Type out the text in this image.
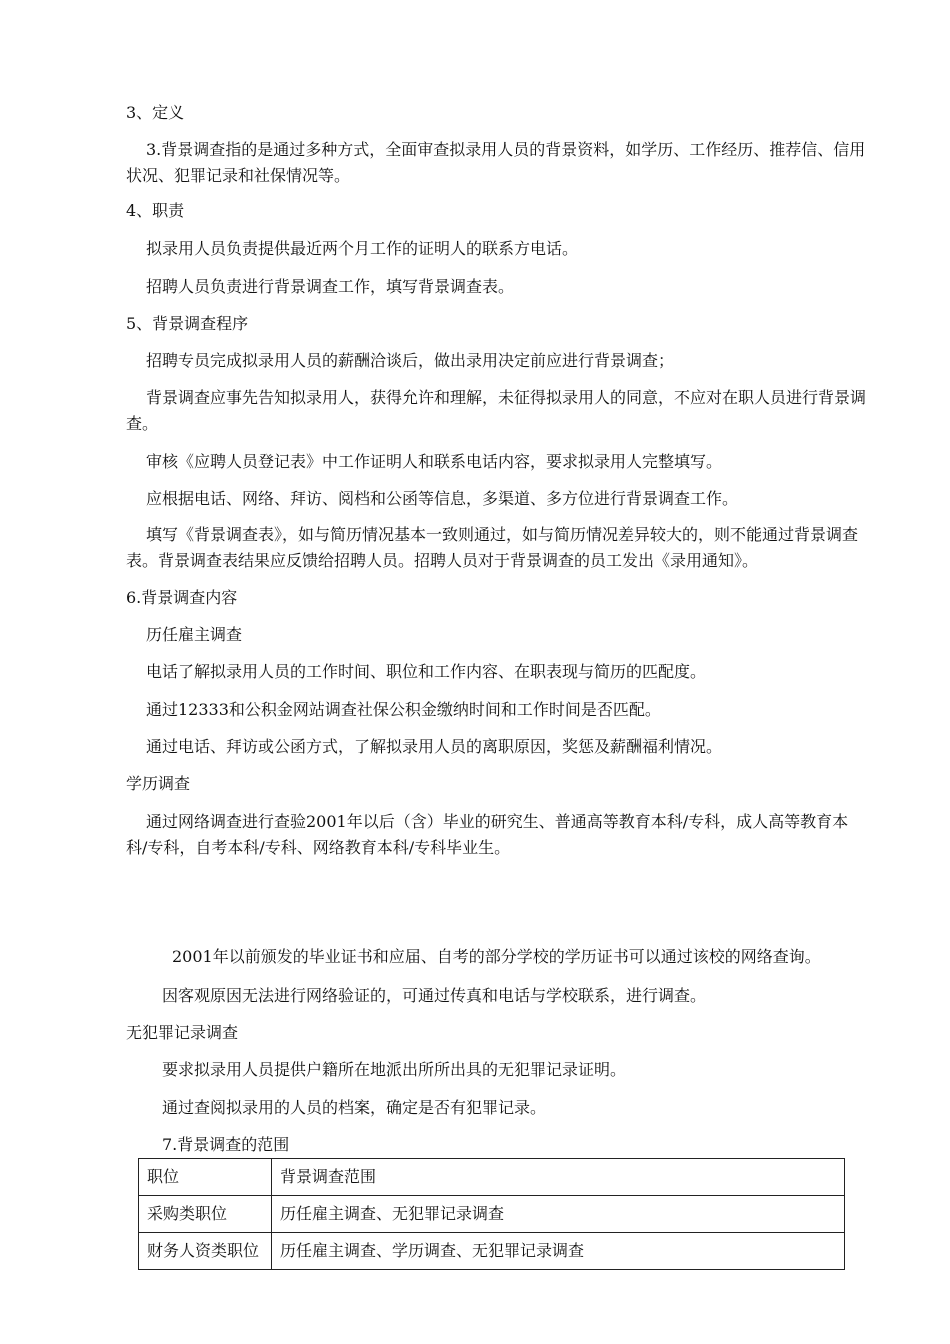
3、定义
3.背景调查指的是通过多种方式，全面审查拟录用人员的背景资料，如学历、工作经历、推荐信、信用状况、犯罪记录和社保情况等。
4、职责
拟录用人员负责提供最近两个月工作的证明人的联系方电话。
招聘人员负责进行背景调查工作，填写背景调查表。
5、背景调查程序
招聘专员完成拟录用人员的薪酬洽谈后，做出录用决定前应进行背景调查；
背景调查应事先告知拟录用人，获得允许和理解，未征得拟录用人的同意，不应对在职人员进行背景调查。
审核《应聘人员登记表》中工作证明人和联系电话内容，要求拟录用人完整填写。
应根据电话、网络、拜访、阅档和公函等信息，多渠道、多方位进行背景调查工作。
填写《背景调查表》，如与简历情况基本一致则通过，如与简历情况差异较大的，则不能通过背景调查表。背景调查表结果应反馈给招聘人员。招聘人员对于背景调查的员工发出《录用通知》。
6.背景调查内容
历任雇主调查
电话了解拟录用人员的工作时间、职位和工作内容、在职表现与简历的匹配度。
通过12333和公积金网站调查社保公积金缴纳时间和工作时间是否匹配。
通过电话、拜访或公函方式，了解拟录用人员的离职原因，奖惩及薪酬福利情况。
学历调查
通过网络调查进行查验2001年以后（含）毕业的研究生、普通高等教育本科/专科，成人高等教育本科/专科，自考本科/专科、网络教育本科/专科毕业生。
2001年以前颁发的毕业证书和应届、自考的部分学校的学历证书可以通过该校的网络查询。
因客观原因无法进行网络验证的，可通过传真和电话与学校联系，进行调查。
无犯罪记录调查
要求拟录用人员提供户籍所在地派出所所出具的无犯罪记录证明。
通过查阅拟录用的人员的档案，确定是否有犯罪记录。
7.背景调查的范围
职位	背景调查范围
采购类职位	历任雇主调查、无犯罪记录调查
财务人资类职位	历任雇主调查、学历调查、无犯罪记录调查
